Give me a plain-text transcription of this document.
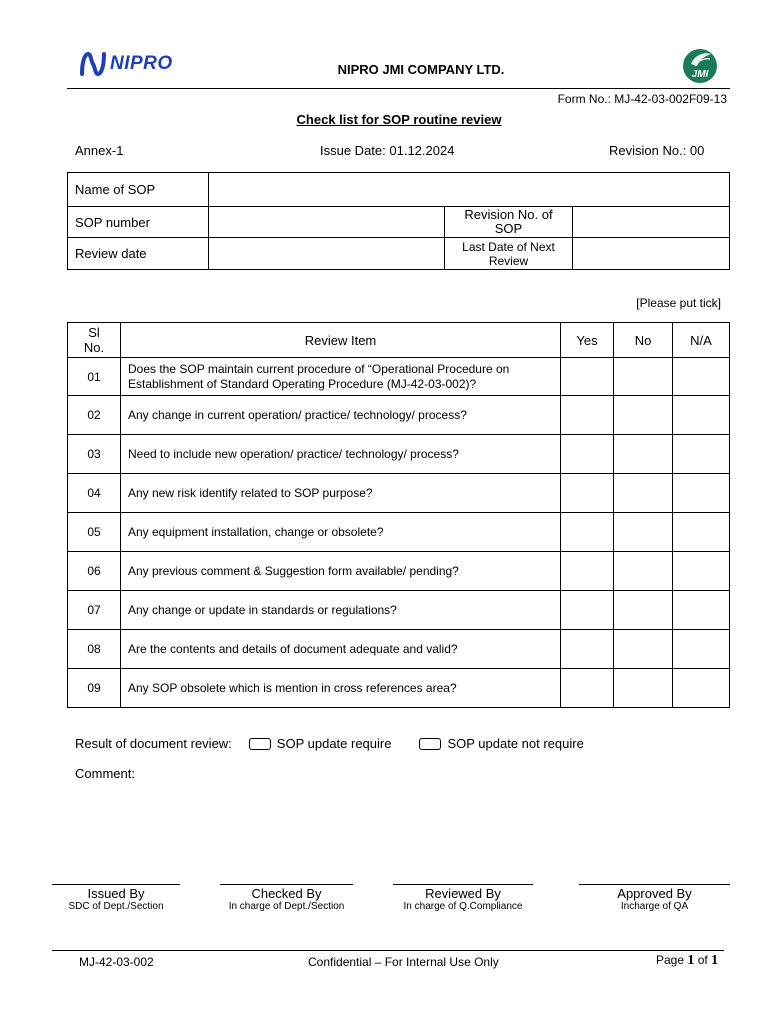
NIPRO	NIPRO JMI COMPANY LTD.	JMI
Form No.: MJ-42-03-002F09-13
Check list for SOP routine review
Annex-1	Issue Date: 01.12.2024	Revision No.: 00
Name of SOP			
SOP number		Revision No. of SOP	

Review date		Last Date of Next Review	

[Please put tick]
Sl No.	Review Item	Yes	No	N/A
01	Does the SOP maintain current procedure of “Operational Procedure on Establishment of Standard Operating Procedure (MJ-42-03-002)?			
02	Any change in current operation/ practice/ technology/ process?			
03	Need to include new operation/ practice/ technology/ process?			
04	Any new risk identify related to SOP purpose?			
05	Any equipment installation, change or obsolete?			
06	Any previous comment & Suggestion form available/ pending?			
07	Any change or update in standards or regulations?			
08	Are the contents and details of document adequate and valid?			
09	Any SOP obsolete which is mention in cross references area?			
Result of document review:	SOP update require	SOP update not require
Comment:
Issued By
SDC of Dept./Section
Checked By
In charge of Dept./Section
Reviewed By
In charge of Q.Compliance
Approved By
Incharge of QA
MJ-42-03-002	Confidential – For Internal Use Only	Page 1 of 1
